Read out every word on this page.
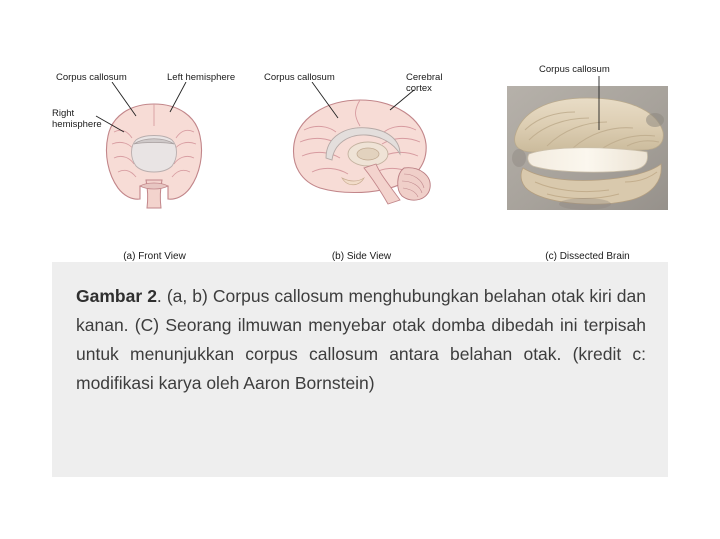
Corpus callosum	Left hemisphere
Right
hemisphere
(a) Front View
Corpus callosum	Cerebral
cortex
(b) Side View
Corpus callosum
(c) Dissected Brain
Gambar 2. (a, b) Corpus callosum menghubungkan belahan otak kiri dan kanan. (C) Seorang ilmuwan menyebar otak domba dibedah ini terpisah untuk menunjukkan corpus callosum antara belahan otak. (kredit c: modifikasi karya oleh Aaron Bornstein)
